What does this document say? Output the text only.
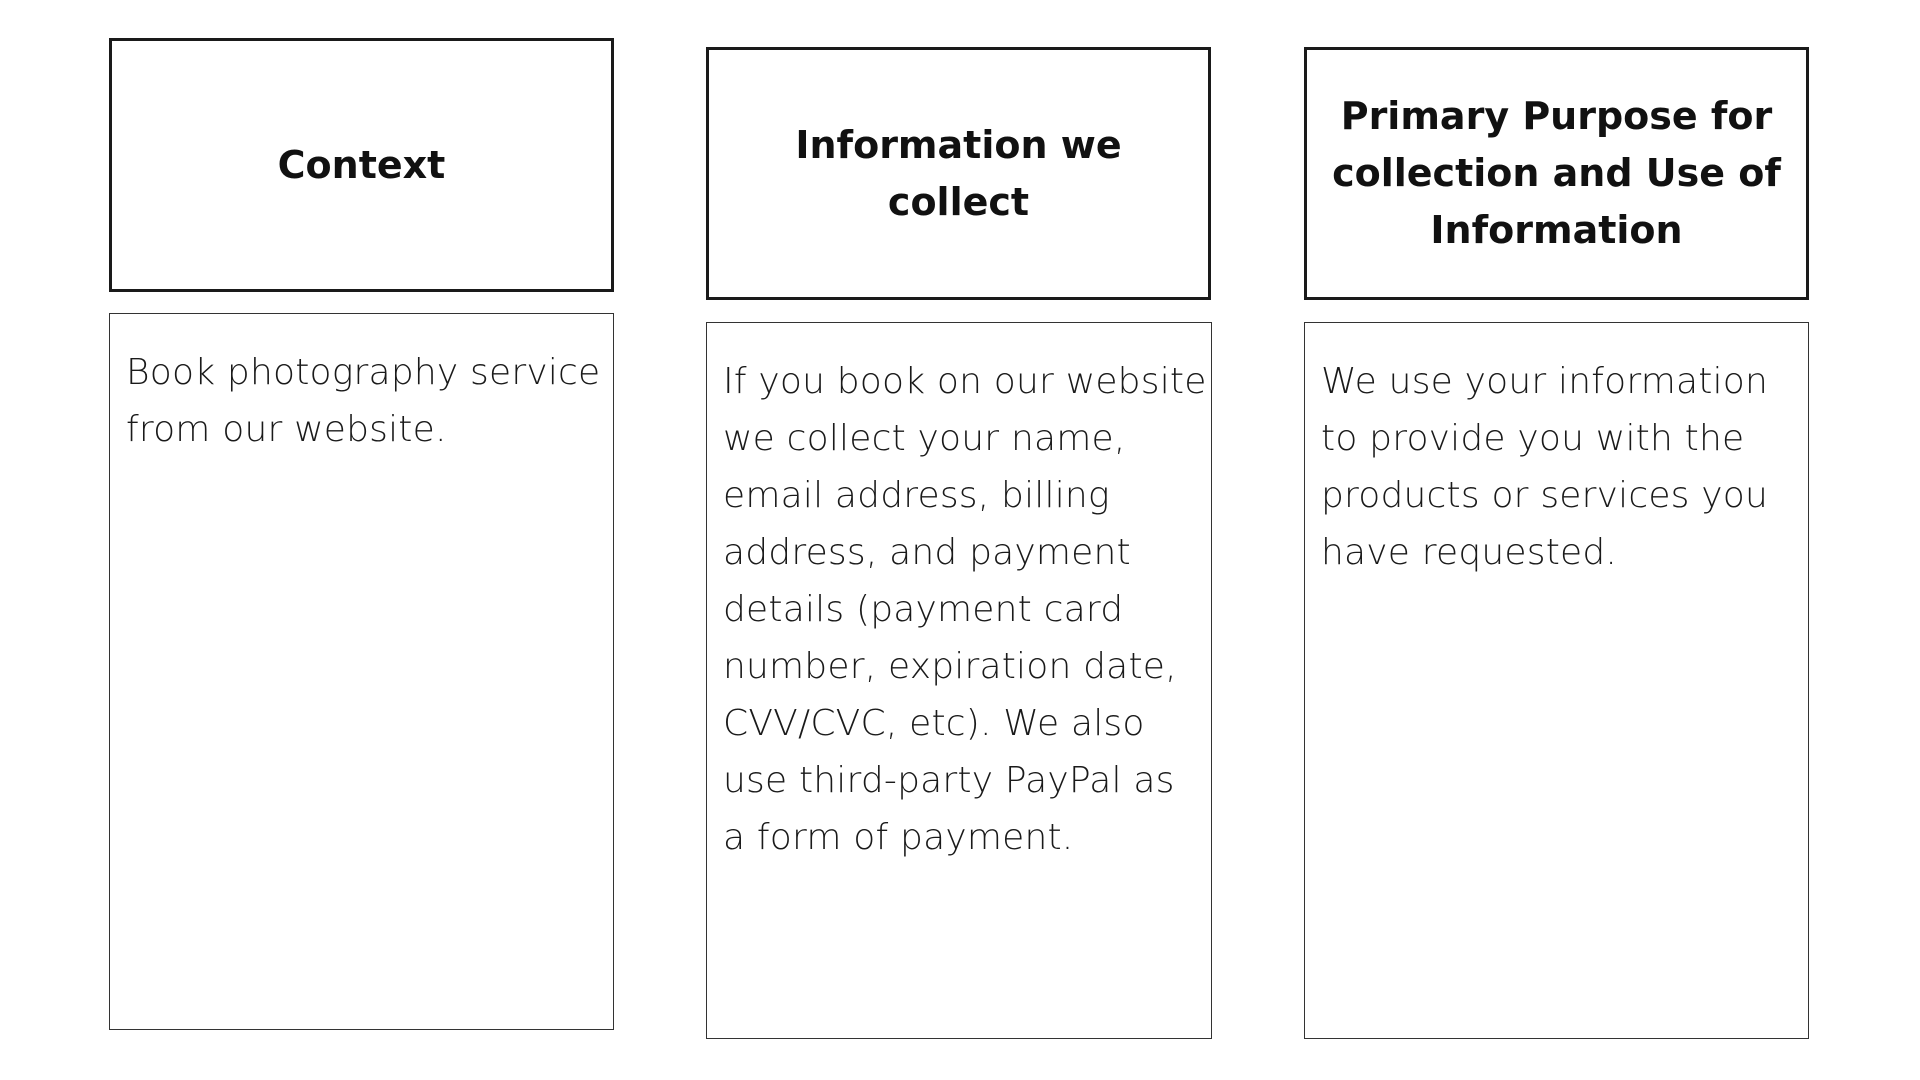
Context

Book photography service from our website.

Information we collect

If you book on our website we collect your name, email address, billing address, and payment details (payment card number, expiration date, CVV/CVC, etc). We also use third-party PayPal as a form of payment.

Primary Purpose for collection and Use of Information

We use your information to provide you with the products or services you have requested.
